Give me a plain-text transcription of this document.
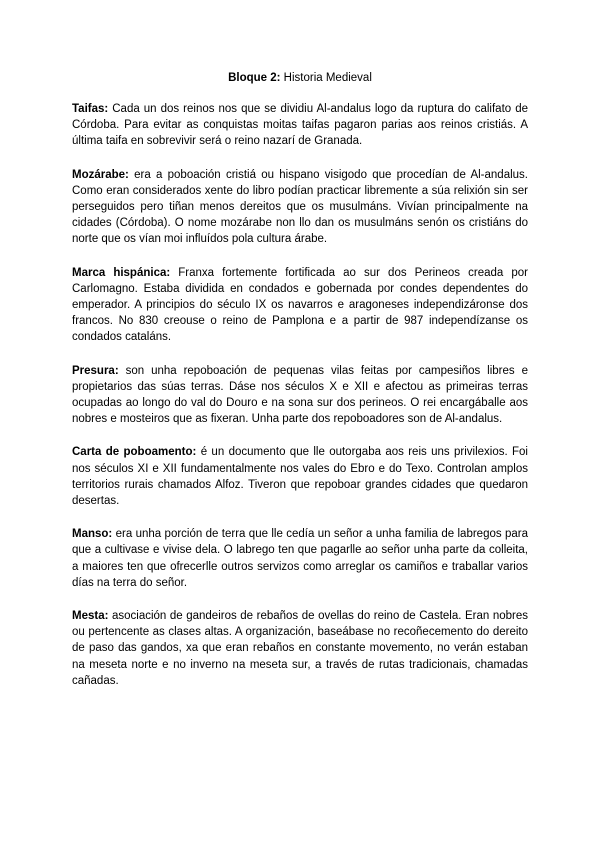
Bloque 2: Historia Medieval

Taifas: Cada un dos reinos nos que se dividiu Al-andalus logo da ruptura do califato de Córdoba. Para evitar as conquistas moitas taifas pagaron parias aos reinos cristiás. A última taifa en sobrevivir será o reino nazarí de Granada.

Mozárabe: era a poboación cristiá ou hispano visigodo que procedían de Al-andalus. Como eran considerados xente do libro podían practicar libremente a súa relixión sin ser perseguidos pero tiñan menos dereitos que os musulmáns. Vivían principalmente na cidades (Córdoba). O nome mozárabe non llo dan os musulmáns senón os cristiáns do norte que os vían moi influídos pola cultura árabe.

Marca hispánica: Franxa fortemente fortificada ao sur dos Perineos creada por Carlomagno. Estaba dividida en condados e gobernada por condes dependentes do emperador. A principios do século IX os navarros e aragoneses independizáronse dos francos. No 830 creouse o reino de Pamplona e a partir de 987 independízanse os condados cataláns.

Presura: son unha repoboación de pequenas vilas feitas por campesiños libres e propietarios das súas terras. Dáse nos séculos X e XII e afectou as primeiras terras ocupadas ao longo do val do Douro e na sona sur dos perineos. O rei encargáballe aos nobres e mosteiros que as fixeran. Unha parte dos repoboadores son de Al-andalus.

Carta de poboamento: é un documento que lle outorgaba aos reis uns privilexios. Foi nos séculos XI e XII fundamentalmente nos vales do Ebro e do Texo. Controlan amplos territorios rurais chamados Alfoz. Tiveron que repoboar grandes cidades que quedaron desertas.

Manso: era unha porción de terra que lle cedía un señor a unha familia de labregos para que a cultivase e vivise dela. O labrego ten que pagarlle ao señor unha parte da colleita, a maiores ten que ofrecerlle outros servizos como arreglar os camiños e traballar varios días na terra do señor.

Mesta: asociación de gandeiros de rebaños de ovellas do reino de Castela. Eran nobres ou pertencente as clases altas. A organización, baseábase no recoñecemento do dereito de paso das gandos, xa que eran rebaños en constante movemento, no verán estaban na meseta norte e no inverno na meseta sur, a través de rutas tradicionais, chamadas cañadas.
